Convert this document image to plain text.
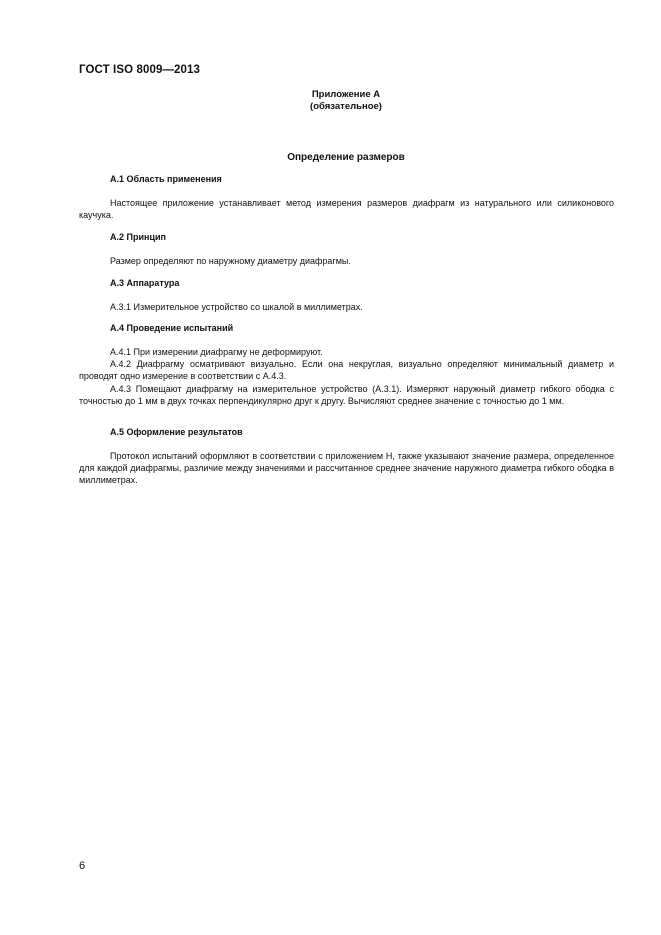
ГОСТ ISO 8009—2013
Приложение А
(обязательное)
Определение размеров
А.1 Область применения
Настоящее приложение устанавливает метод измерения размеров диафрагм из натурального или силиконового каучука.
А.2 Принцип
Размер определяют по наружному диаметру диафрагмы.
А.3 Аппаратура
А.3.1 Измерительное устройство со шкалой в миллиметрах.
А.4 Проведение испытаний

А.4.1 При измерении диафрагму не деформируют.

А.4.2 Диафрагму осматривают визуально. Если она некруглая, визуально определяют минимальный диаметр и проводят одно измерение в соответствии с А.4.3.

А.4.3 Помещают диафрагму на измерительное устройство (А.3.1). Измеряют наружный диаметр гибкого ободка с точностью до 1 мм в двух точках перпендикулярно друг к другу. Вычисляют среднее значение с точностью до 1 мм.

А.5 Оформление результатов
Протокол испытаний оформляют в соответствии с приложением Н, также указывают значение размера, определенное для каждой диафрагмы, различие между значениями и рассчитанное среднее значение наружного диаметра гибкого ободка в миллиметрах.
6
